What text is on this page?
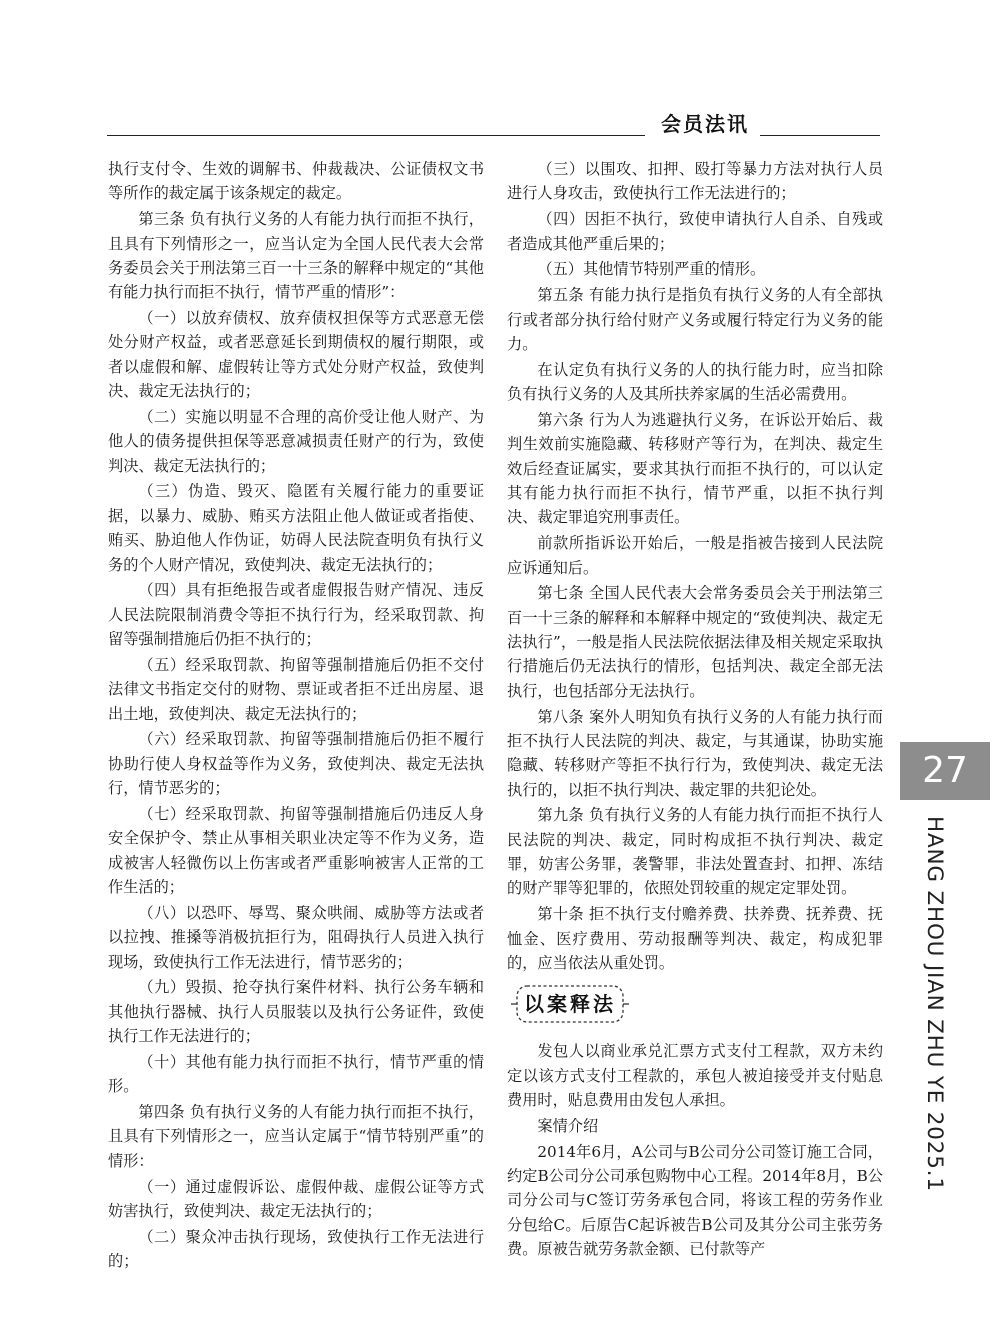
会员法讯

执行支付令、生效的调解书、仲裁裁决、公证债权文书等所作的裁定属于该条规定的裁定。

第三条 负有执行义务的人有能力执行而拒不执行，且具有下列情形之一，应当认定为全国人民代表大会常务委员会关于刑法第三百一十三条的解释中规定的“其他有能力执行而拒不执行，情节严重的情形”：

（一）以放弃债权、放弃债权担保等方式恶意无偿处分财产权益，或者恶意延长到期债权的履行期限，或者以虚假和解、虚假转让等方式处分财产权益，致使判决、裁定无法执行的；

（二）实施以明显不合理的高价受让他人财产、为他人的债务提供担保等恶意减损责任财产的行为，致使判决、裁定无法执行的；

（三）伪造、毁灭、隐匿有关履行能力的重要证据，以暴力、威胁、贿买方法阻止他人做证或者指使、贿买、胁迫他人作伪证，妨碍人民法院查明负有执行义务的个人财产情况，致使判决、裁定无法执行的；

（四）具有拒绝报告或者虚假报告财产情况、违反人民法院限制消费令等拒不执行行为，经采取罚款、拘留等强制措施后仍拒不执行的；

（五）经采取罚款、拘留等强制措施后仍拒不交付法律文书指定交付的财物、票证或者拒不迁出房屋、退出土地，致使判决、裁定无法执行的；

（六）经采取罚款、拘留等强制措施后仍拒不履行协助行使人身权益等作为义务，致使判决、裁定无法执行，情节恶劣的；

（七）经采取罚款、拘留等强制措施后仍违反人身安全保护令、禁止从事相关职业决定等不作为义务，造成被害人轻微伤以上伤害或者严重影响被害人正常的工作生活的；

（八）以恐吓、辱骂、聚众哄闹、威胁等方法或者以拉拽、推搡等消极抗拒行为，阻碍执行人员进入执行现场，致使执行工作无法进行，情节恶劣的；

（九）毁损、抢夺执行案件材料、执行公务车辆和其他执行器械、执行人员服装以及执行公务证件，致使执行工作无法进行的；

（十）其他有能力执行而拒不执行，情节严重的情形。

第四条 负有执行义务的人有能力执行而拒不执行，且具有下列情形之一，应当认定属于“情节特别严重”的情形：

（一）通过虚假诉讼、虚假仲裁、虚假公证等方式妨害执行，致使判决、裁定无法执行的；

（二）聚众冲击执行现场，致使执行工作无法进行的；

（三）以围攻、扣押、殴打等暴力方法对执行人员进行人身攻击，致使执行工作无法进行的；

（四）因拒不执行，致使申请执行人自杀、自残或者造成其他严重后果的；

（五）其他情节特别严重的情形。

第五条 有能力执行是指负有执行义务的人有全部执行或者部分执行给付财产义务或履行特定行为义务的能力。

在认定负有执行义务的人的执行能力时，应当扣除负有执行义务的人及其所扶养家属的生活必需费用。

第六条 行为人为逃避执行义务，在诉讼开始后、裁判生效前实施隐藏、转移财产等行为，在判决、裁定生效后经查证属实，要求其执行而拒不执行的，可以认定其有能力执行而拒不执行，情节严重，以拒不执行判决、裁定罪追究刑事责任。

前款所指诉讼开始后，一般是指被告接到人民法院应诉通知后。

第七条 全国人民代表大会常务委员会关于刑法第三百一十三条的解释和本解释中规定的“致使判决、裁定无法执行”，一般是指人民法院依据法律及相关规定采取执行措施后仍无法执行的情形，包括判决、裁定全部无法执行，也包括部分无法执行。

第八条 案外人明知负有执行义务的人有能力执行而拒不执行人民法院的判决、裁定，与其通谋，协助实施隐藏、转移财产等拒不执行行为，致使判决、裁定无法执行的，以拒不执行判决、裁定罪的共犯论处。

第九条 负有执行义务的人有能力执行而拒不执行人民法院的判决、裁定，同时构成拒不执行判决、裁定罪，妨害公务罪，袭警罪，非法处置查封、扣押、冻结的财产罪等犯罪的，依照处罚较重的规定定罪处罚。

第十条 拒不执行支付赡养费、扶养费、抚养费、抚恤金、医疗费用、劳动报酬等判决、裁定，构成犯罪的，应当依法从重处罚。

以案释法

发包人以商业承兑汇票方式支付工程款，双方未约定以该方式支付工程款的，承包人被迫接受并支付贴息费用时，贴息费用由发包人承担。

案情介绍

2014年6月，A公司与B公司分公司签订施工合同，约定B公司分公司承包购物中心工程。2014年8月，B公司分公司与C签订劳务承包合同，将该工程的劳务作业分包给C。后原告C起诉被告B公司及其分公司主张劳务费。原被告就劳务款金额、已付款等产

27
HANG ZHOU JIAN ZHU YE 2025.1
